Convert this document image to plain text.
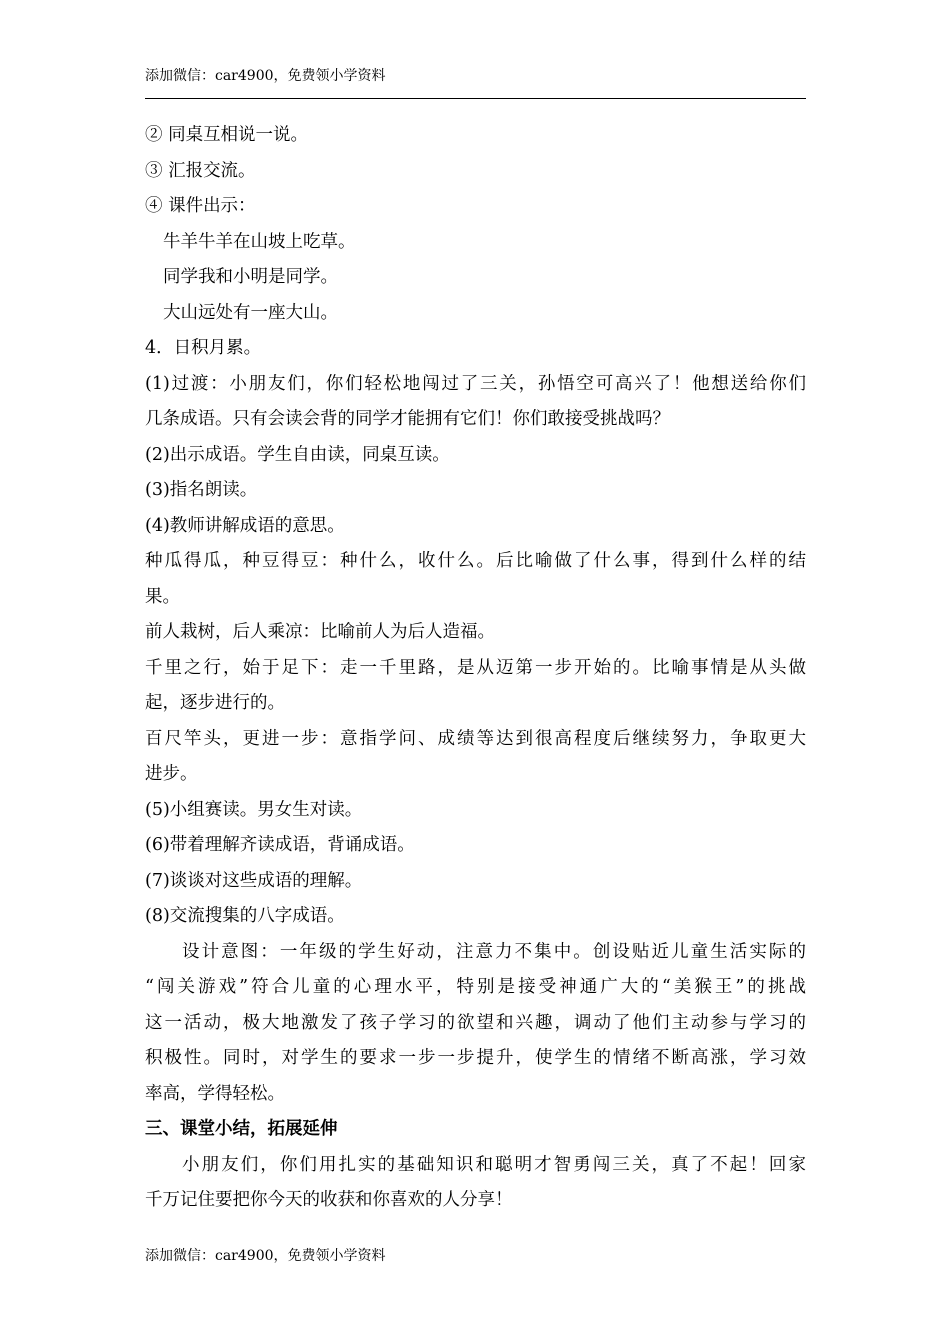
添加微信：car4900，免费领小学资料
② 同桌互相说一说。
③ 汇报交流。
④ 课件出示：
牛羊牛羊在山坡上吃草。
同学我和小明是同学。
大山远处有一座大山。
4．日积月累。
(1)过渡：小朋友们，你们轻松地闯过了三关，孙悟空可高兴了！他想送给你们
几条成语。只有会读会背的同学才能拥有它们！你们敢接受挑战吗？
(2)出示成语。学生自由读，同桌互读。
(3)指名朗读。
(4)教师讲解成语的意思。
种瓜得瓜，种豆得豆：种什么，收什么。后比喻做了什么事，得到什么样的结
果。
前人栽树，后人乘凉：比喻前人为后人造福。
千里之行，始于足下：走一千里路，是从迈第一步开始的。比喻事情是从头做
起，逐步进行的。
百尺竿头，更进一步：意指学问、成绩等达到很高程度后继续努力，争取更大
进步。
(5)小组赛读。男女生对读。
(6)带着理解齐读成语，背诵成语。
(7)谈谈对这些成语的理解。
(8)交流搜集的八字成语。
设计意图：一年级的学生好动，注意力不集中。创设贴近儿童生活实际的
“闯关游戏”符合儿童的心理水平，特别是接受神通广大的“美猴王”的挑战
这一活动，极大地激发了孩子学习的欲望和兴趣，调动了他们主动参与学习的
积极性。同时，对学生的要求一步一步提升，使学生的情绪不断高涨，学习效
率高，学得轻松。
三、课堂小结，拓展延伸
小朋友们，你们用扎实的基础知识和聪明才智勇闯三关，真了不起！回家
千万记住要把你今天的收获和你喜欢的人分享！
添加微信：car4900，免费领小学资料
